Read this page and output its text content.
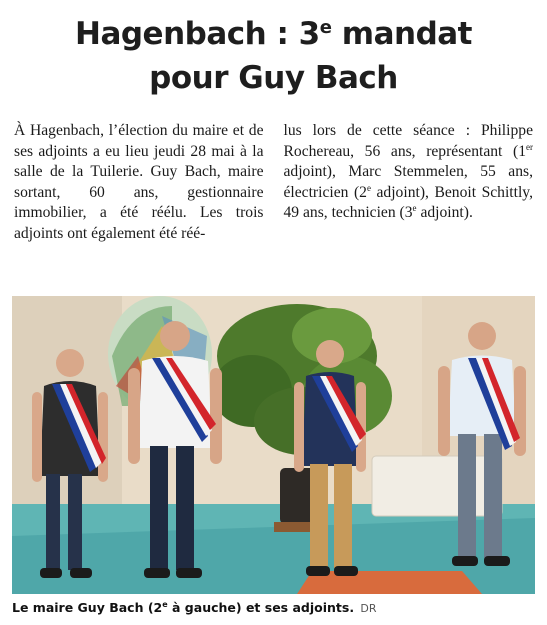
Hagenbach : 3e mandat
pour Guy Bach

À Hagenbach, l’élection du maire et de ses adjoints a eu lieu jeudi 28 mai à la salle de la Tuilerie. Guy Bach, maire sortant, 60 ans, gestionnaire immobilier, a été réélu. Les trois adjoints ont également été réé-

lus lors de cette séance : Philippe Rochereau, 56 ans, représentant (1er adjoint), Marc Stemmelen, 55 ans, électricien (2e adjoint), Benoit Schittly, 49 ans, technicien (3e adjoint).

Le maire Guy Bach (2e à gauche) et ses adjoints. DR
